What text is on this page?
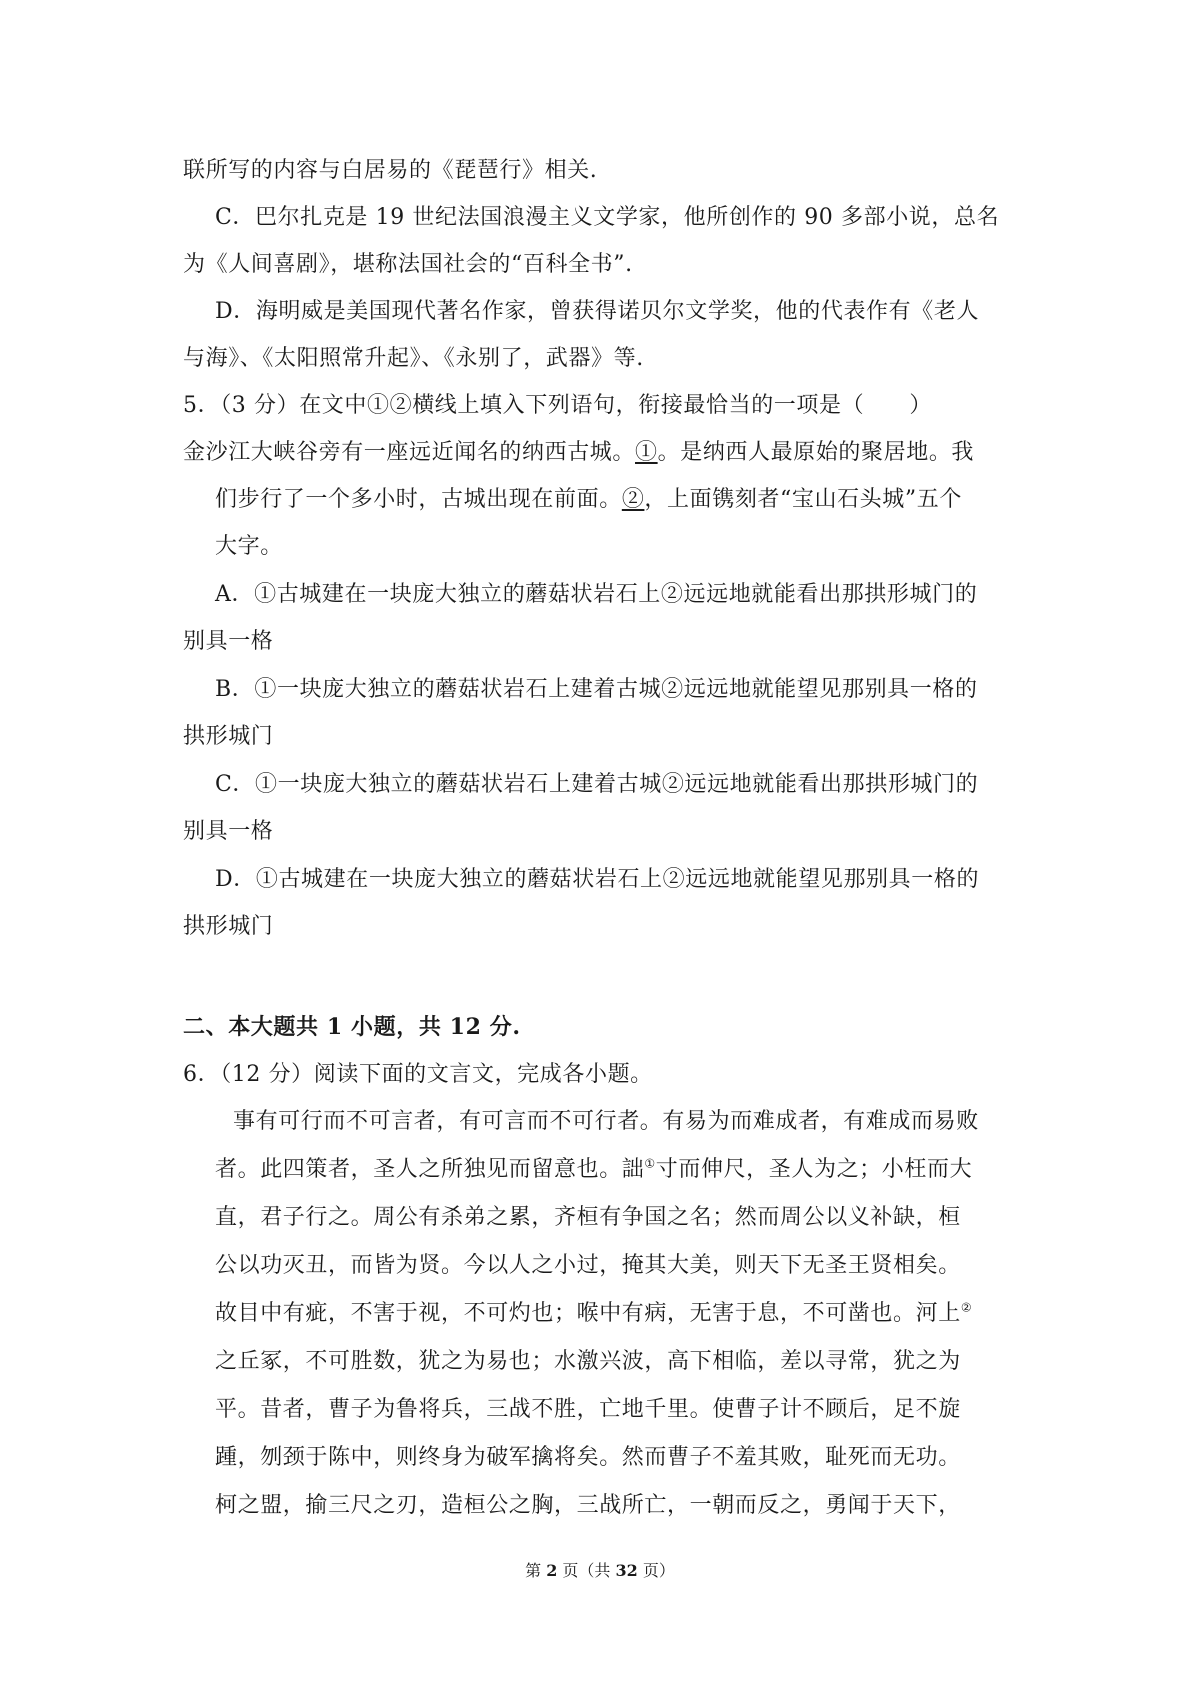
联所写的内容与白居易的《琵琶行》相关.
C．巴尔扎克是 19 世纪法国浪漫主义文学家，他所创作的 90 多部小说，总名
为《人间喜剧》，堪称法国社会的“百科全书”.
D．海明威是美国现代著名作家，曾获得诺贝尔文学奖，他的代表作有《老人
与海》、《太阳照常升起》、《永别了，武器》等.
5．（3 分）在文中①②横线上填入下列语句，衔接最恰当的一项是（　　）
金沙江大峡谷旁有一座远近闻名的纳西古城。①。是纳西人最原始的聚居地。我
们步行了一个多小时，古城出现在前面。②，上面镌刻者“宝山石头城”五个
大字。
A．①古城建在一块庞大独立的蘑菇状岩石上②远远地就能看出那拱形城门的
别具一格
B．①一块庞大独立的蘑菇状岩石上建着古城②远远地就能望见那别具一格的
拱形城门
C．①一块庞大独立的蘑菇状岩石上建着古城②远远地就能看出那拱形城门的
别具一格
D．①古城建在一块庞大独立的蘑菇状岩石上②远远地就能望见那别具一格的
拱形城门
二、本大题共 1 小题，共 12 分.
6．（12 分）阅读下面的文言文，完成各小题。
事有可行而不可言者，有可言而不可行者。有易为而难成者，有难成而易败
者。此四策者，圣人之所独见而留意也。詘①寸而伸尺，圣人为之；小枉而大
直，君子行之。周公有杀弟之累，齐桓有争国之名；然而周公以义补缺，桓
公以功灭丑，而皆为贤。今以人之小过，掩其大美，则天下无圣王贤相矣。
故目中有疵，不害于视，不可灼也；喉中有病，无害于息，不可凿也。河上②
之丘冢，不可胜数，犹之为易也；水激兴波，高下相临，差以寻常，犹之为
平。昔者，曹子为鲁将兵，三战不胜，亡地千里。使曹子计不顾后，足不旋
踵，刎颈于陈中，则终身为破军擒将矣。然而曹子不羞其败，耻死而无功。
柯之盟，揄三尺之刃，造桓公之胸，三战所亡，一朝而反之，勇闻于天下，
第 2 页（共 32 页）
